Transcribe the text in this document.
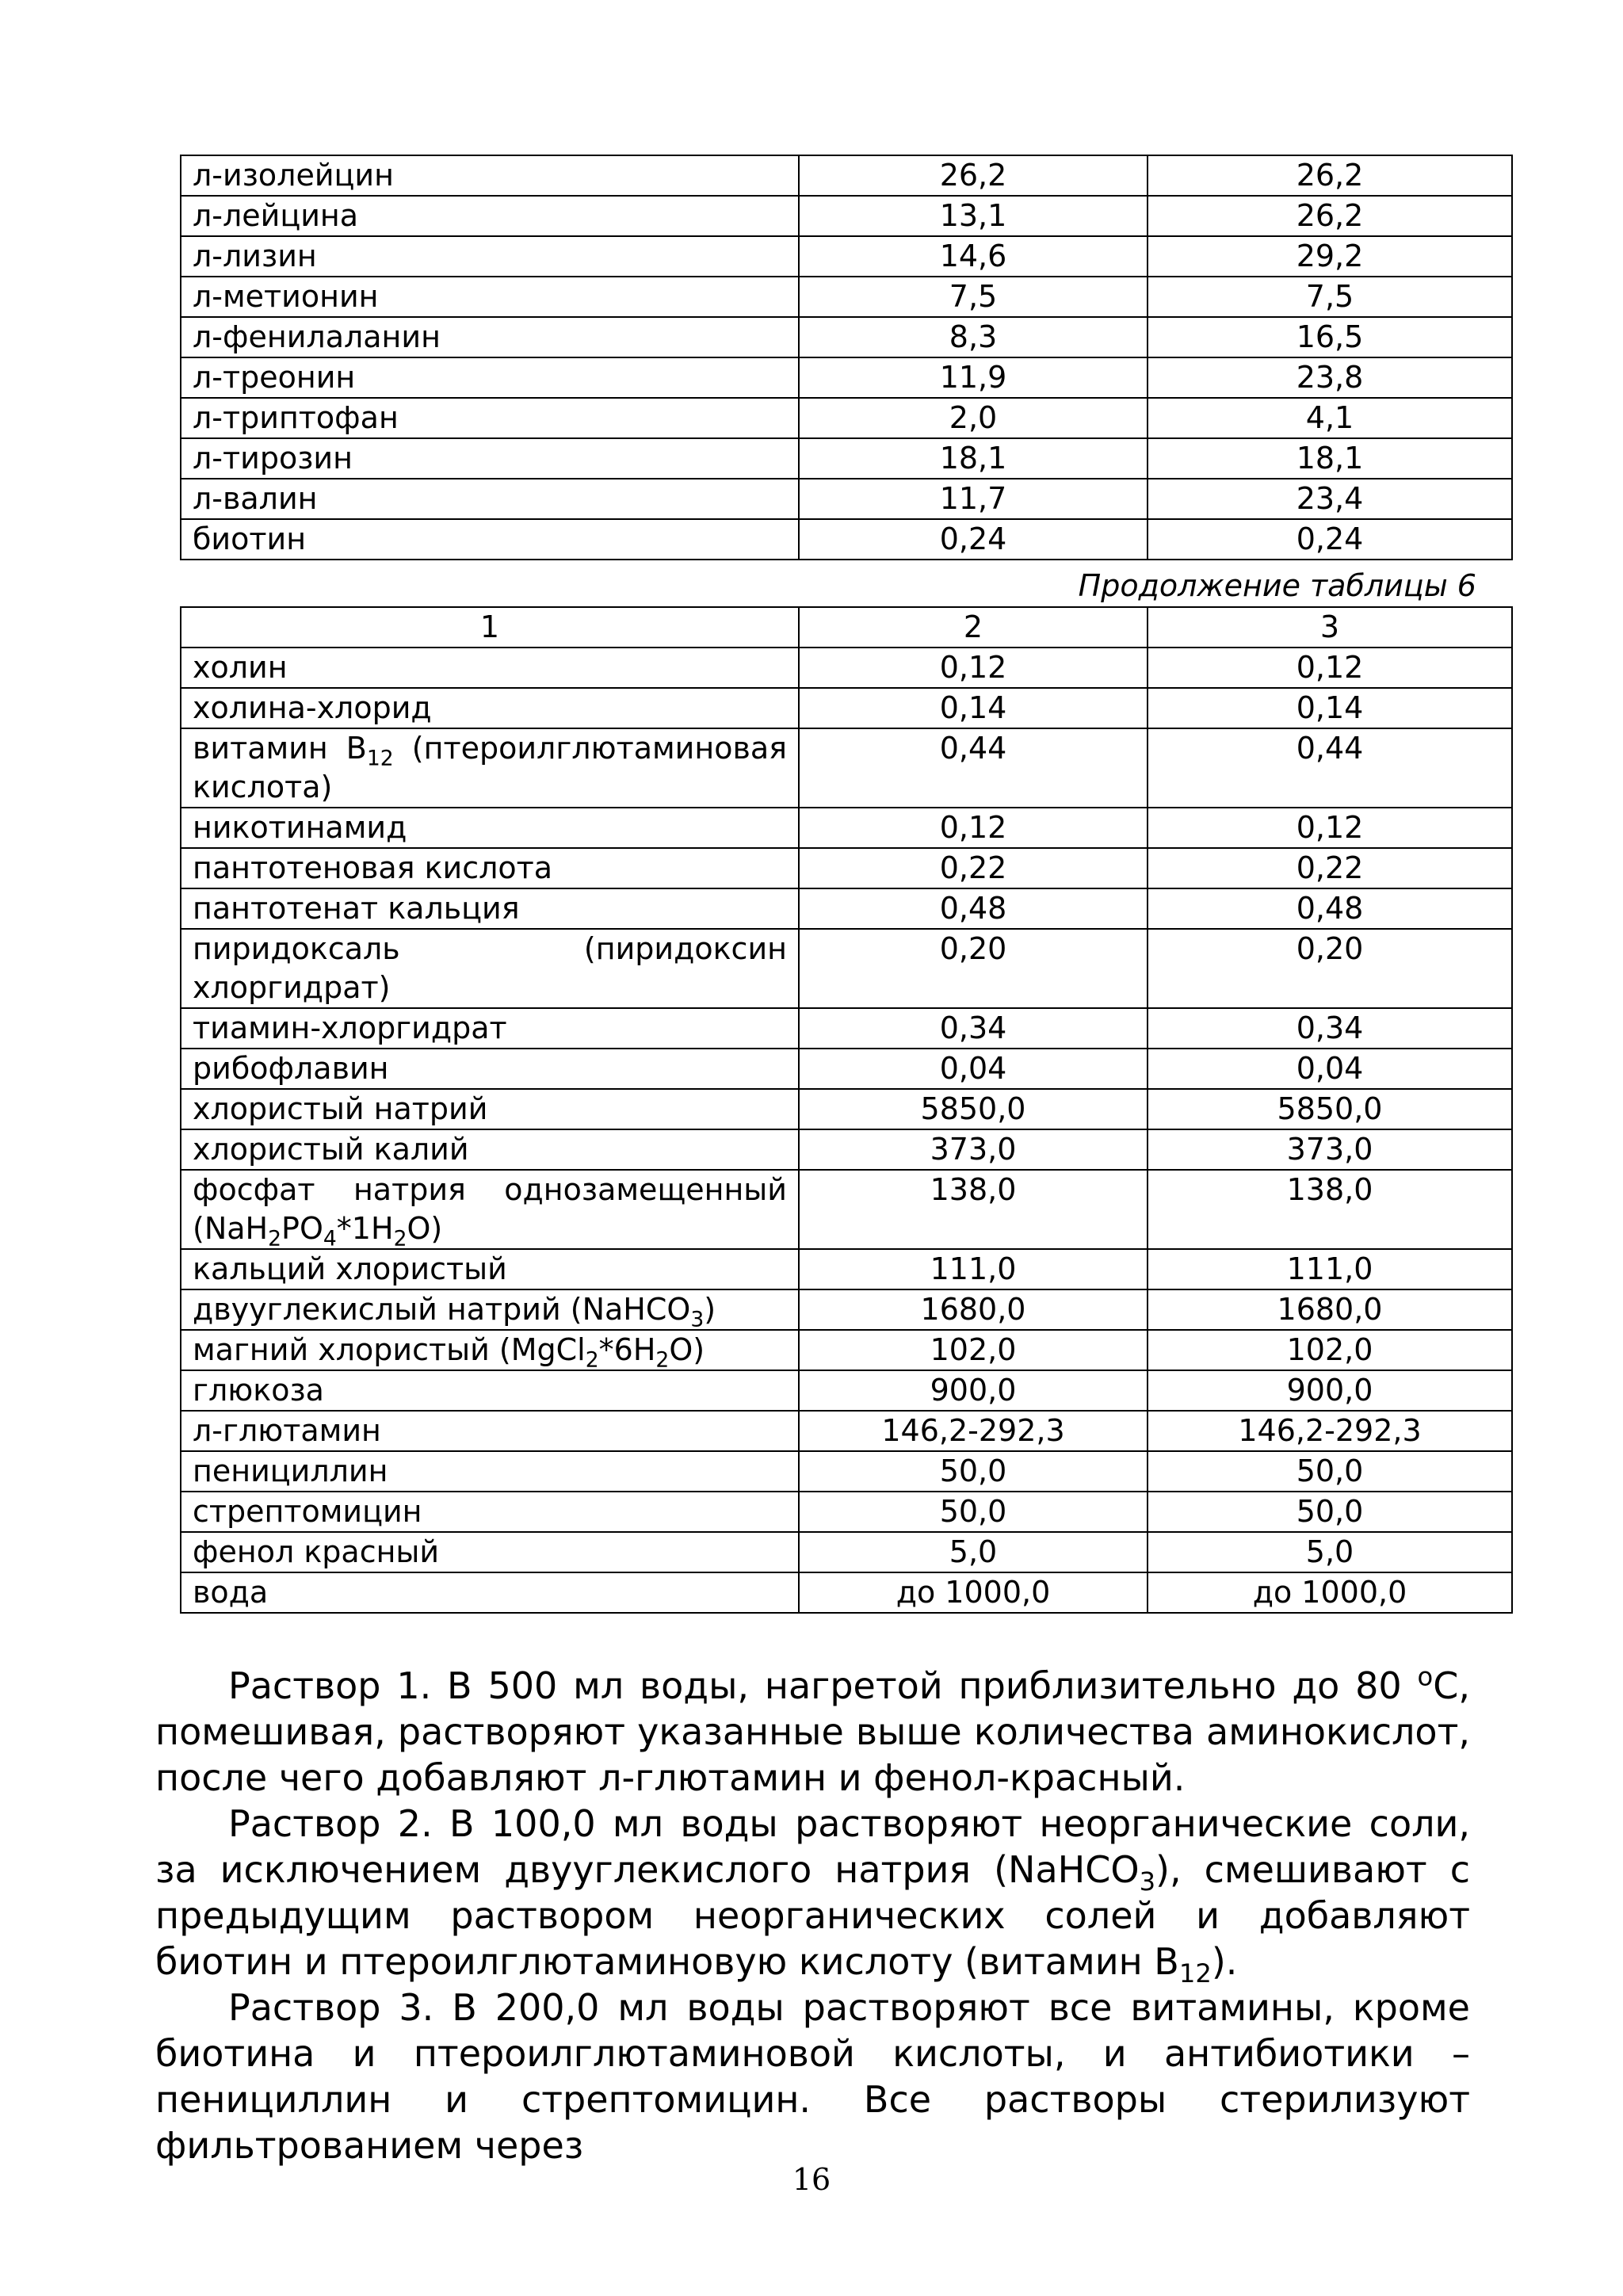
л-изолейцин	26,2	26,2
л-лейцина	13,1	26,2
л-лизин	14,6	29,2
л-метионин	7,5	7,5
л-фенилаланин	8,3	16,5
л-треонин	11,9	23,8
л-триптофан	2,0	4,1
л-тирозин	18,1	18,1
л-валин	11,7	23,4
биотин	0,24	0,24
Продолжение таблицы 6
1	2	3
холин	0,12	0,12
холина-хлорид	0,14	0,14
витамин $B_{12}$ (птероилглютаминовая кислота)	0,44	0,44
никотинамид	0,12	0,12
пантотеновая кислота	0,22	0,22
пантотенат кальция	0,48	0,48
пиридоксаль (пиридоксин хлоргидрат)	0,20	0,20
тиамин-хлоргидрат	0,34	0,34
рибофлавин	0,04	0,04
хлористый натрий	5850,0	5850,0
хлористый калий	373,0	373,0
фосфат натрия однозамещенный $(NaH_2PO_4*1H_2O)$	138,0	138,0
кальций хлористый	111,0	111,0
двууглекислый натрий (NaHCO$_3$)	1680,0	1680,0
магний хлористый $(MgCl_2*6H_2O)$	102,0	102,0
глюкоза	900,0	900,0
л-глютамин	146,2-292,3	146,2-292,3
пенициллин	50,0	50,0
стрептомицин	50,0	50,0
фенол красный	5,0	5,0
вода	до 1000,0	до 1000,0

Раствор 1. В 500 мл воды, нагретой приблизительно до 80 $^o$С, помешивая, растворяют указанные выше количества аминокислот, после чего добавляют л-глютамин и фенол-красный.

Раствор 2. В 100,0 мл воды растворяют неорганические соли, за исключением двууглекислого натрия (NaHCO$_3$), смешивают с предыдущим раствором неорганических солей и добавляют биотин и птероилглютаминовую кислоту (витамин $B_{12}$).

Раствор 3. В 200,0 мл воды растворяют все витамины, кроме биотина и птероилглютаминовой кислоты, и антибиотики – пенициллин и стрептомицин. Все растворы стерилизуют фильтрованием через

16
